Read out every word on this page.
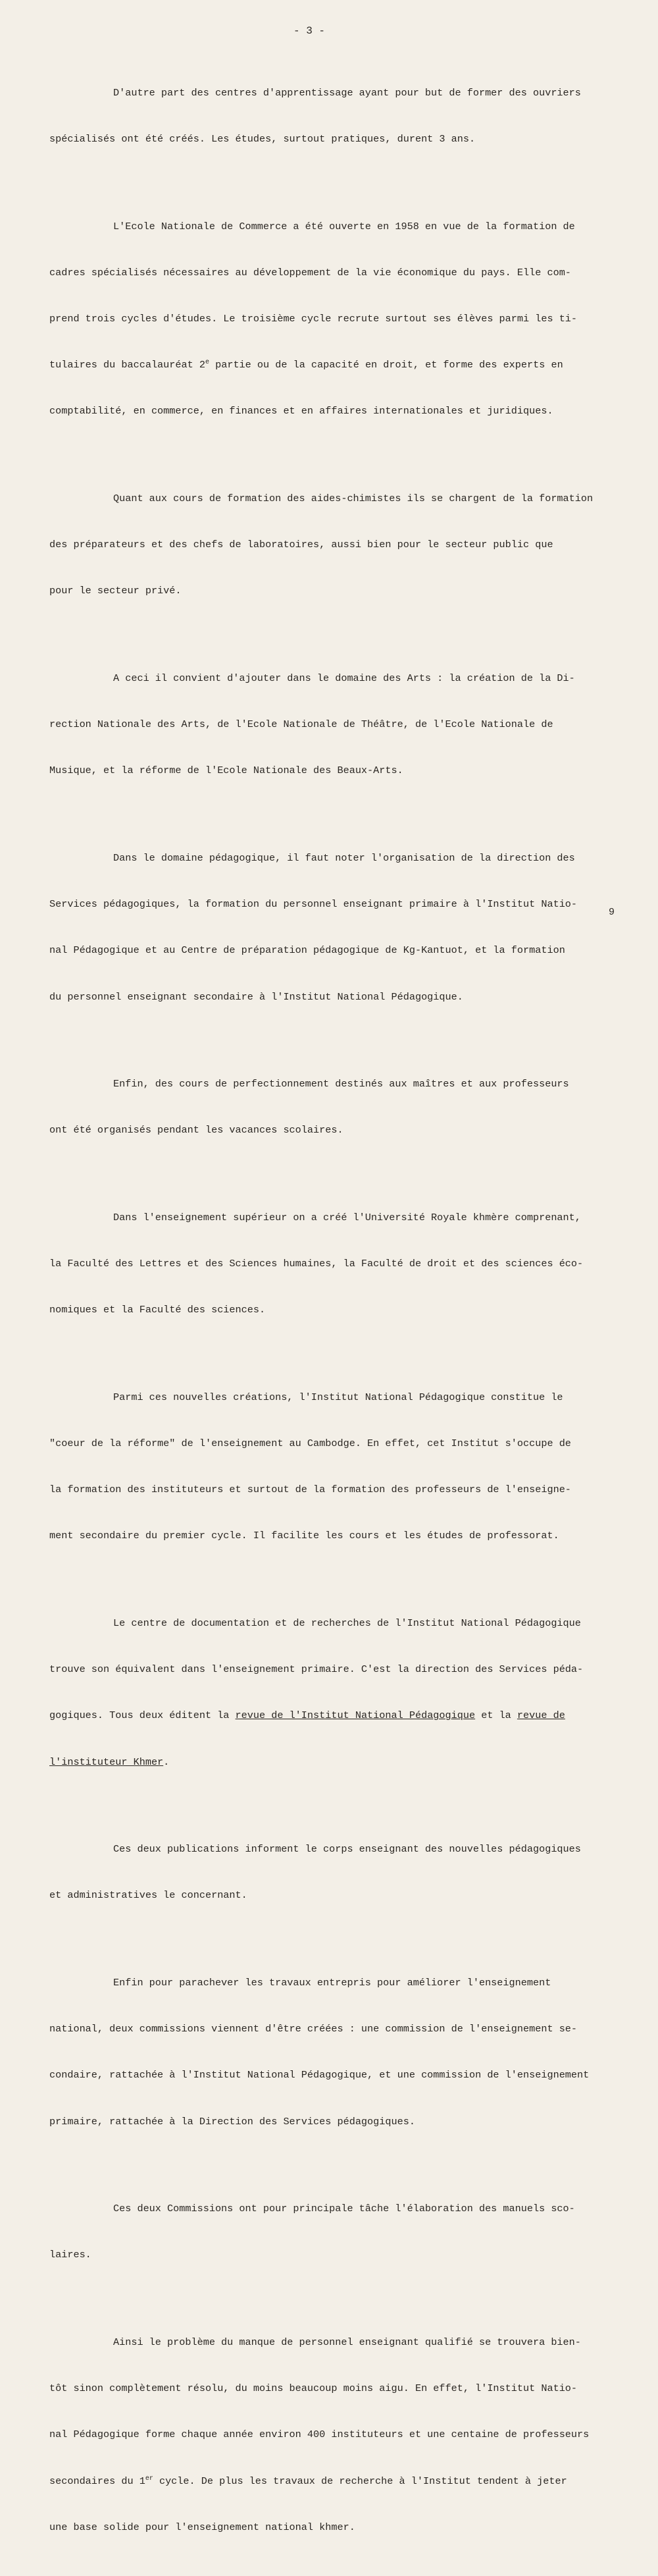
- 3 -

D'autre part des centres d'apprentissage ayant pour but de former des ouvriers

spécialisés ont été créés. Les études, surtout pratiques, durent 3 ans.

L'Ecole Nationale de Commerce a été ouverte en 1958 en vue de la formation de

cadres spécialisés nécessaires au développement de la vie économique du pays. Elle com-

prend trois cycles d'études. Le troisième cycle recrute surtout ses élèves parmi les ti-

tulaires du baccalauréat 2e partie ou de la capacité en droit, et forme des experts en

comptabilité, en commerce, en finances et en affaires internationales et juridiques.

Quant aux cours de formation des aides-chimistes ils se chargent de la formation

des préparateurs et des chefs de laboratoires, aussi bien pour le secteur public que

pour le secteur privé.

A ceci il convient d'ajouter dans le domaine des Arts : la création de la Di-

rection Nationale des Arts, de l'Ecole Nationale de Théâtre, de l'Ecole Nationale de

Musique, et la réforme de l'Ecole Nationale des Beaux-Arts.

Dans le domaine pédagogique, il faut noter l'organisation de la direction des

Services pédagogiques, la formation du personnel enseignant primaire à l'Institut Natio-

nal Pédagogique et au Centre de préparation pédagogique de Kg-Kantuot, et la formation

du personnel enseignant secondaire à l'Institut National Pédagogique.

Enfin, des cours de perfectionnement destinés aux maîtres et aux professeurs

ont été organisés pendant les vacances scolaires.

Dans l'enseignement supérieur on a créé l'Université Royale khmère comprenant,

la Faculté des Lettres et des Sciences humaines, la Faculté de droit et des sciences éco-

nomiques et la Faculté des sciences.

Parmi ces nouvelles créations, l'Institut National Pédagogique constitue le

"coeur de la réforme" de l'enseignement au Cambodge. En effet, cet Institut s'occupe de

la formation des instituteurs et surtout de la formation des professeurs de l'enseigne-

ment secondaire du premier cycle. Il facilite les cours et les études de professorat.

Le centre de documentation et de recherches de l'Institut National Pédagogique

trouve son équivalent dans l'enseignement primaire. C'est la direction des Services péda-

gogiques. Tous deux éditent la revue de l'Institut National Pédagogique et la revue de

l'instituteur Khmer.

Ces deux publications informent le corps enseignant des nouvelles pédagogiques

et administratives le concernant.

Enfin pour parachever les travaux entrepris pour améliorer l'enseignement

national, deux commissions viennent d'être créées : une commission de l'enseignement se-

condaire, rattachée à l'Institut National Pédagogique, et une commission de l'enseignement

primaire, rattachée à la Direction des Services pédagogiques.

Ces deux Commissions ont pour principale tâche l'élaboration des manuels sco-

laires.

Ainsi le problème du manque de personnel enseignant qualifié se trouvera bien-

tôt sinon complètement résolu, du moins beaucoup moins aigu. En effet, l'Institut Natio-

nal Pédagogique forme chaque année environ 400 instituteurs et une centaine de professeurs

secondaires du 1er cycle. De plus les travaux de recherche à l'Institut tendent à jeter

une base solide pour l'enseignement national khmer.

9
